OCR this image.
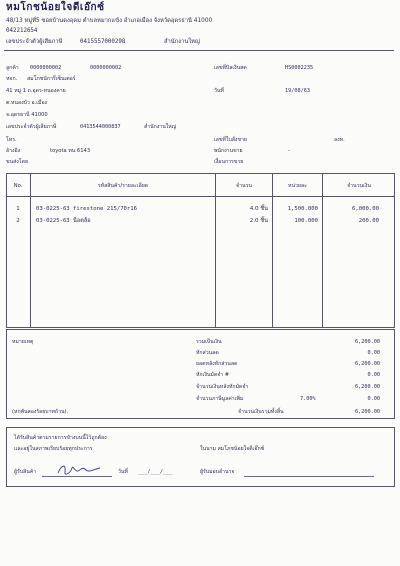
หมโกชน้อยใจดีเอ๊กซ์
48/13 หมู่ที่5 ซอยบ้านดงอุดม ตำบลหมากแข้ง อำเภอเมือง จังหวัดอุดรธานี 41000
042212654
เลขประจำตัวผู้เสียภาษี	0415557000298	สำนักงานใหญ่
ลูกค้า 0000000002	0000000002
หจก. สมโภชนัการี่เซ็นเตอร์
41 หมู่ 1 ถ.อุดร-หนองคาย
ต.หนองบัว อ.เมือง
จ.อุดรธานี 41000
เลขประจำตัวผู้เสียภาษี	0413544000837	สำนักงานใหญ่
โทร.
อ้างอิง	toyota ทน 6143
ขนส่งโดย
เลขที่บิลเงินสด	HS0002235
วันที่	19/08/63
เลขที่ใบสั่งขาย	ลงท.
พนักงานขาย	-
เงื่อนการขาย
No.	รหัสสินค้า/รายละเอียด	จำนวน	หน่วยละ	จำนวนเงิน
1	03-0225-63 firestone 215/70r16	4.0 ชิ้น	1,500.000	6,000.00
2	03-0225-63 น็อตล้อ	2.0 ชิ้น	100.000	200.00
หมายเหตุ
(หกพันสองร้อยบาทถ้วน).
รวมเป็นเงิน	6,200.00
หักส่วนลด	0.00
ยอดหลังหักส่วนลด	6,200.00
หักเงินมัดจำ #	0.00
จำนวนเงินหลังหักมัดจำ	6,200.00
จำนวนภาษีมูลค่าเพิ่ม	7.00%	0.00
จำนวนเงินรวมทั้งสิ้น	6,200.00
ได้รับสินค้าตามรายการข้างบนนี้ไว้ถูกต้อง
และอยู่ในสภาพเรียบร้อยทุกประการ	ในนาม สมโภชน้อยใจดีเอ๊กซ์
ผู้รับสินค้า	วันที่ ___/___/___	ผู้รับมอบอำนาจ
